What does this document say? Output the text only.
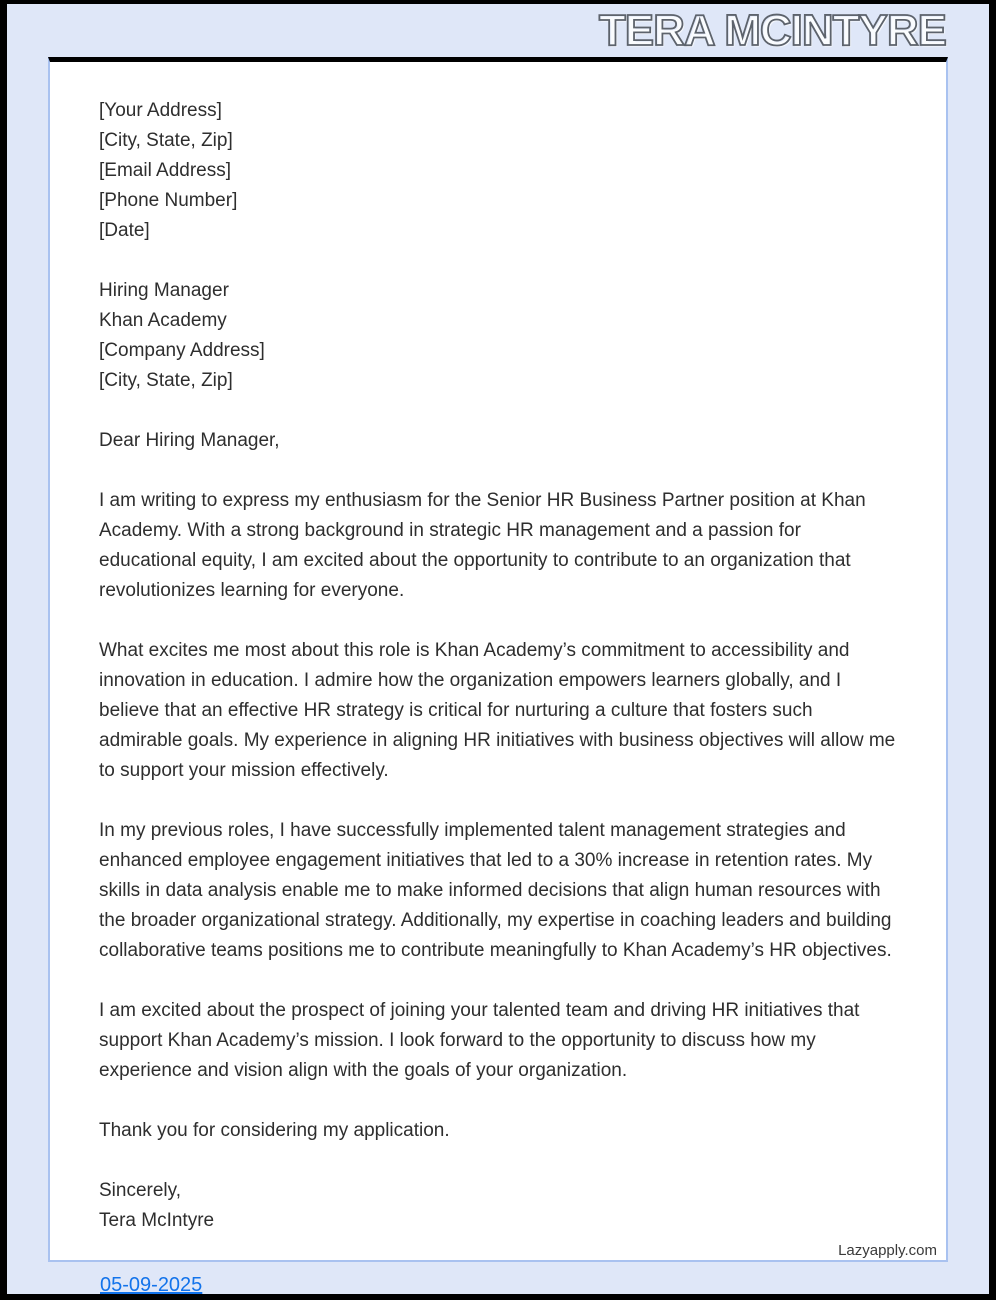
TERA MCINTYRE
[Your Address]
[City, State, Zip]
[Email Address]
[Phone Number]
[Date]
Hiring Manager
Khan Academy
[Company Address]
[City, State, Zip]

Dear Hiring Manager,

I am writing to express my enthusiasm for the Senior HR Business Partner position at Khan Academy. With a strong background in strategic HR management and a passion for educational equity, I am excited about the opportunity to contribute to an organization that revolutionizes learning for everyone.

What excites me most about this role is Khan Academy’s commitment to accessibility and innovation in education. I admire how the organization empowers learners globally, and I believe that an effective HR strategy is critical for nurturing a culture that fosters such admirable goals. My experience in aligning HR initiatives with business objectives will allow me to support your mission effectively.

In my previous roles, I have successfully implemented talent management strategies and enhanced employee engagement initiatives that led to a 30% increase in retention rates. My skills in data analysis enable me to make informed decisions that align human resources with the broader organizational strategy. Additionally, my expertise in coaching leaders and building collaborative teams positions me to contribute meaningfully to Khan Academy’s HR objectives.

I am excited about the prospect of joining your talented team and driving HR initiatives that support Khan Academy’s mission. I look forward to the opportunity to discuss how my experience and vision align with the goals of your organization.

Thank you for considering my application.

Sincerely,
Tera McIntyre
Lazyapply.com
05-09-2025
